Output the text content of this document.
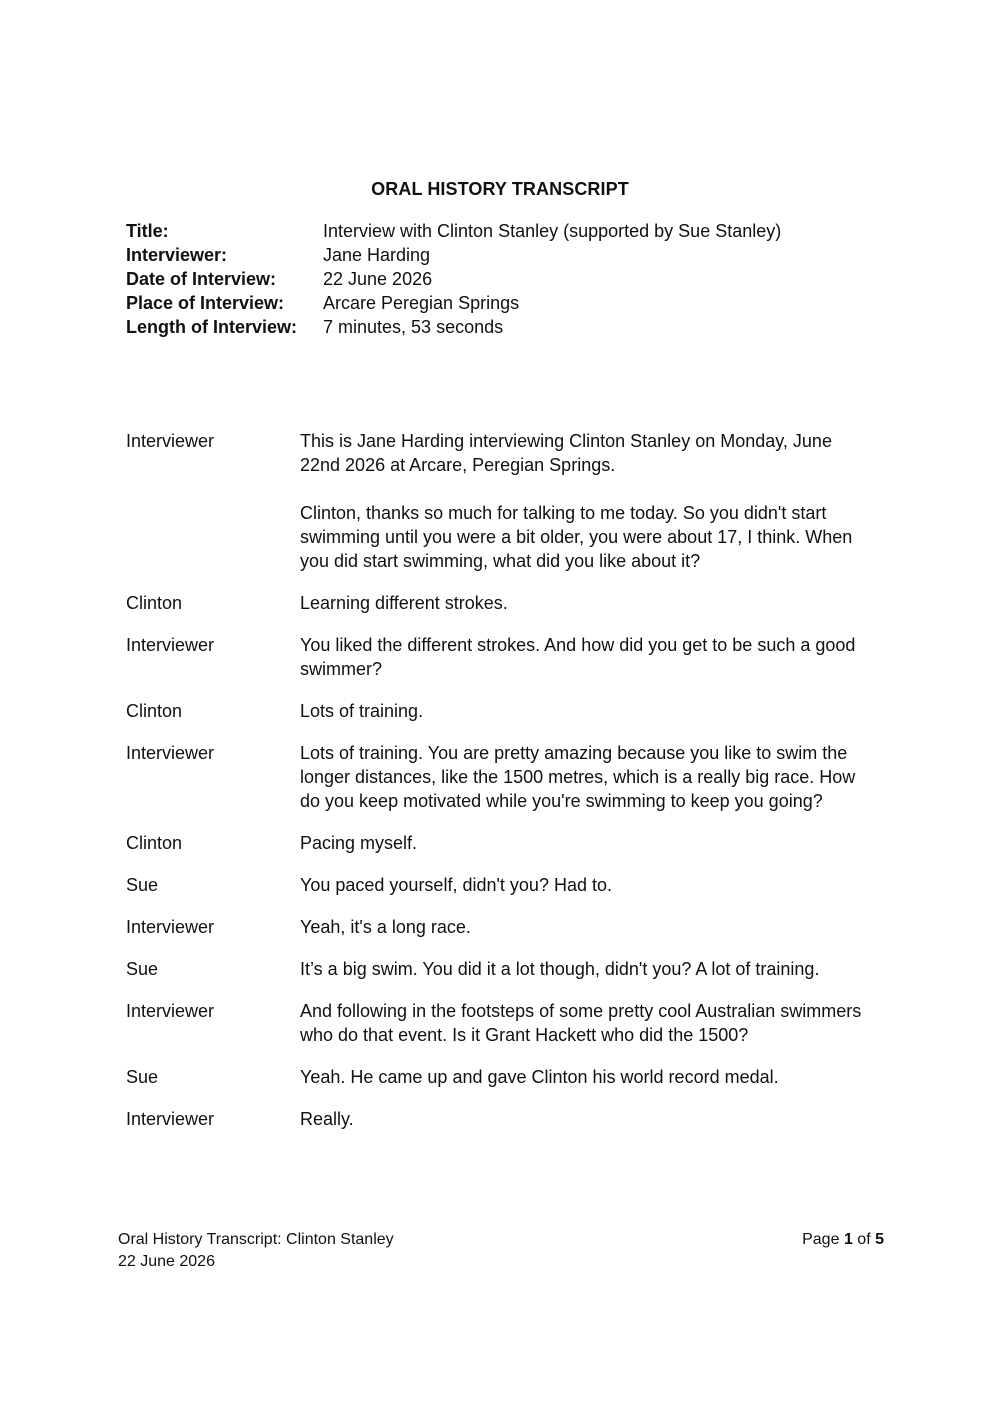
ORAL HISTORY TRANSCRIPT
Title:	Interview with Clinton Stanley (supported by Sue Stanley)
Interviewer:	Jane Harding
Date of Interview:	22 June 2026
Place of Interview:	Arcare Peregian Springs
Length of Interview:	7 minutes, 53 seconds
Interviewer	This is Jane Harding interviewing Clinton Stanley on Monday, June 22nd 2026 at Arcare, Peregian Springs.

Clinton, thanks so much for talking to me today. So you didn't start swimming until you were a bit older, you were about 17, I think. When you did start swimming, what did you like about it?

Clinton	Learning different strokes.

Interviewer	You liked the different strokes. And how did you get to be such a good swimmer?

Clinton	Lots of training.

Interviewer	Lots of training. You are pretty amazing because you like to swim the longer distances, like the 1500 metres, which is a really big race. How do you keep motivated while you're swimming to keep you going?

Clinton	Pacing myself.

Sue	You paced yourself, didn't you? Had to.

Interviewer	Yeah, it's a long race.

Sue	It’s a big swim. You did it a lot though, didn't you? A lot of training.

Interviewer	And following in the footsteps of some pretty cool Australian swimmers who do that event. Is it Grant Hackett who did the 1500?

Sue	Yeah. He came up and gave Clinton his world record medal.

Interviewer	Really.

Oral History Transcript: Clinton Stanley
22 June 2026
Page 1 of 5
